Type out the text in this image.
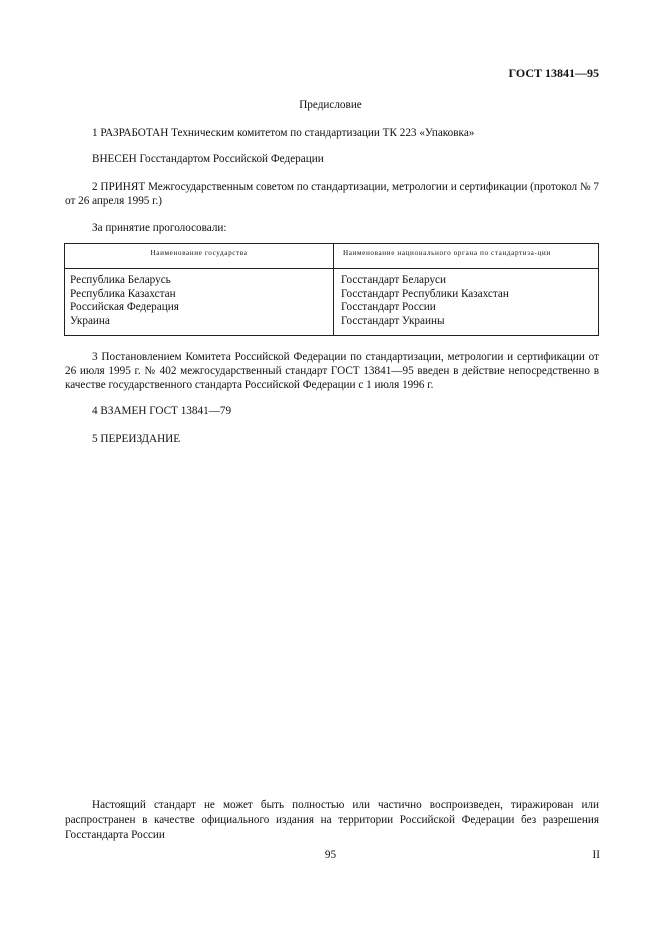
ГОСТ 13841—95
Предисловие
1 РАЗРАБОТАН Техническим комитетом по стандартизации ТК 223 «Упаковка»
ВНЕСЕН Госстандартом Российской Федерации
2 ПРИНЯТ Межгосударственным советом по стандартизации, метрологии и сертификации (протокол № 7 от 26 апреля 1995 г.)
За принятие проголосовали:
Наименование государства	Наименование национального органа по стандартиза-ции
Республика Беларусь
Республика Казахстан
Российская Федерация
Украина
Госстандарт Беларуси
Госстандарт Республики Казахстан
Госстандарт России
Госстандарт Украины
3 Постановлением Комитета Российской Федерации по стандартизации, метрологии и сертификации от 26 июля 1995 г. № 402 межгосударственный стандарт ГОСТ 13841—95 введен в действие непосредственно в качестве государственного стандарта Российской Федерации с 1 июля 1996 г.
4 ВЗАМЕН ГОСТ 13841—79
5 ПЕРЕИЗДАНИЕ
Настоящий стандарт не может быть полностью или частично воспроизведен, тиражирован или распространен в качестве официального издания на территории Российской Федерации без разрешения Госстандарта России
95	II
